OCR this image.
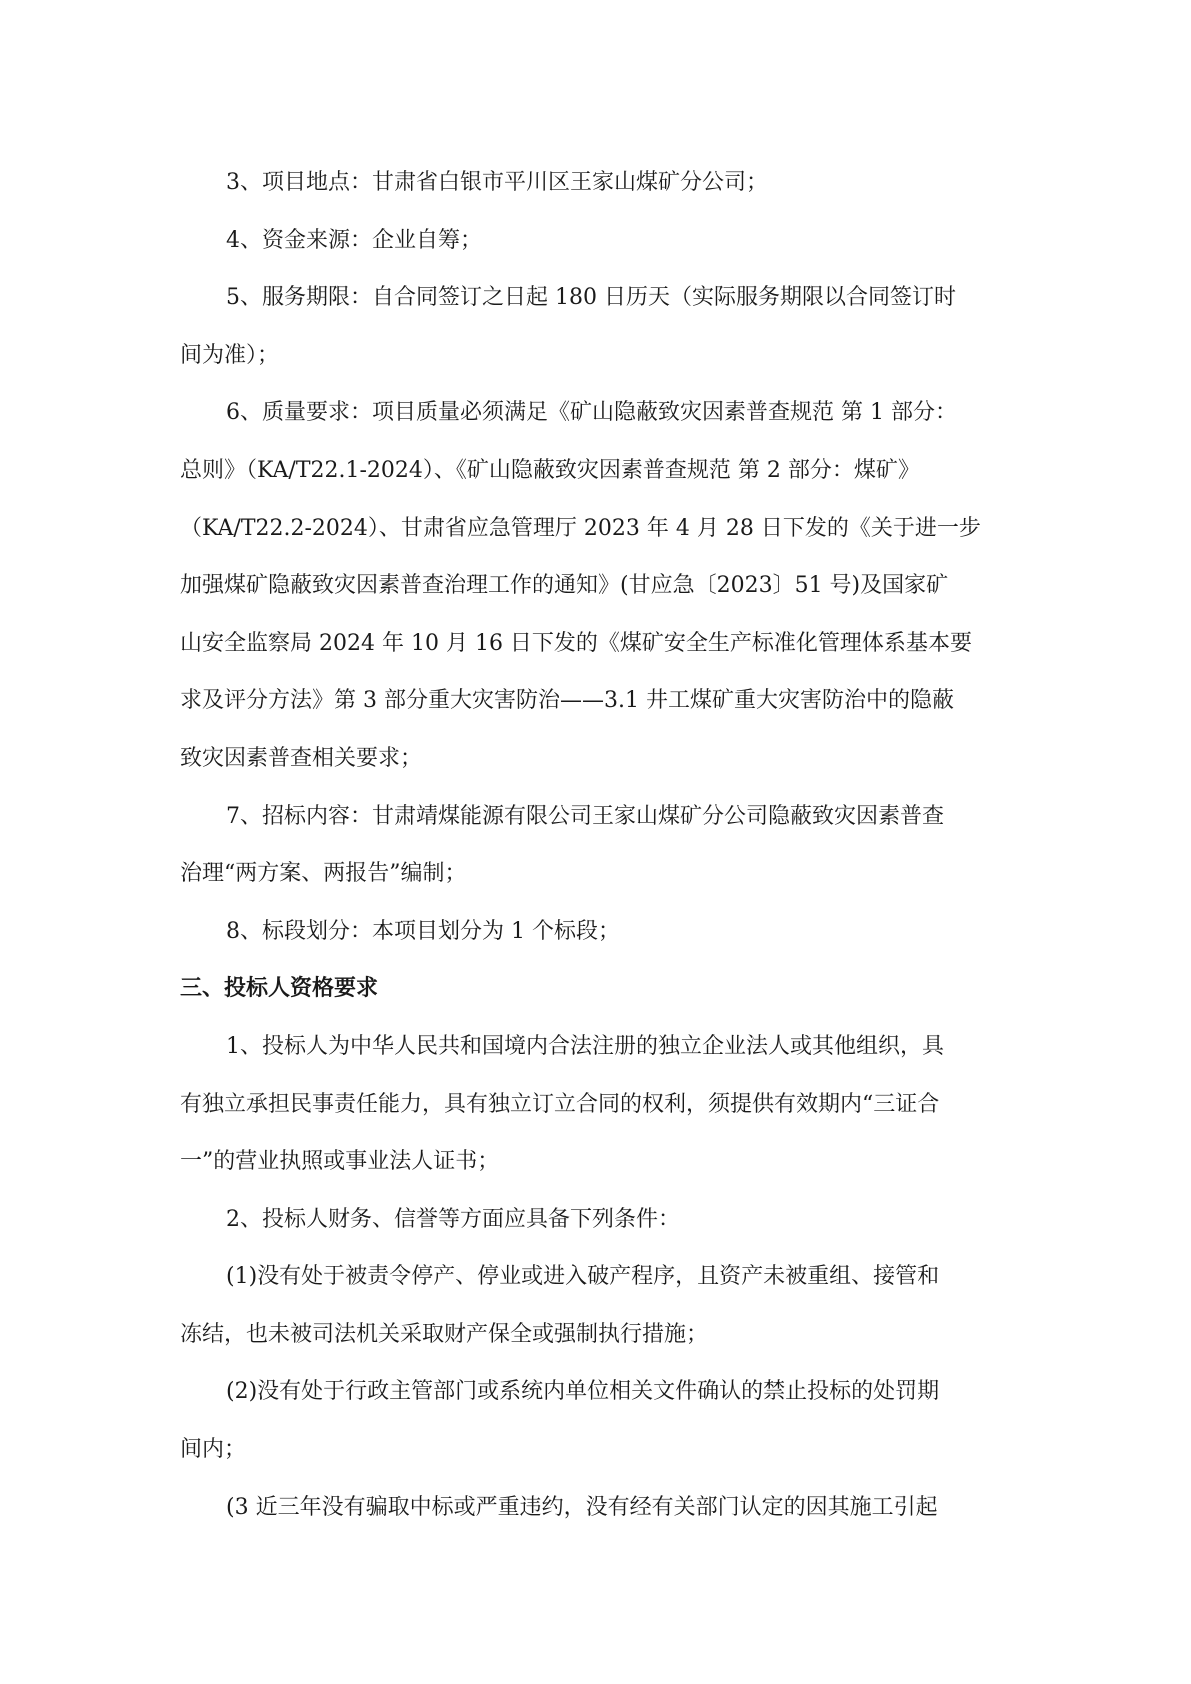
3、项目地点：甘肃省白银市平川区王家山煤矿分公司；
4、资金来源：企业自筹；
5、服务期限：自合同签订之日起 180 日历天（实际服务期限以合同签订时
间为准）；
6、质量要求：项目质量必须满足《矿山隐蔽致灾因素普查规范 第 1 部分：
总则》（KA/T22.1-2024）、《矿山隐蔽致灾因素普查规范 第 2 部分：煤矿》
（KA/T22.2-2024）、甘肃省应急管理厅 2023 年 4 月 28 日下发的《关于进一步
加强煤矿隐蔽致灾因素普查治理工作的通知》(甘应急〔2023〕51 号)及国家矿
山安全监察局 2024 年 10 月 16 日下发的《煤矿安全生产标准化管理体系基本要
求及评分方法》第 3 部分重大灾害防治——3.1 井工煤矿重大灾害防治中的隐蔽
致灾因素普查相关要求；
7、招标内容：甘肃靖煤能源有限公司王家山煤矿分公司隐蔽致灾因素普查
治理“两方案、两报告”编制；
8、标段划分：本项目划分为 1 个标段；
三、投标人资格要求
1、投标人为中华人民共和国境内合法注册的独立企业法人或其他组织，具
有独立承担民事责任能力，具有独立订立合同的权利，须提供有效期内“三证合
一”的营业执照或事业法人证书；
2、投标人财务、信誉等方面应具备下列条件：
(1)没有处于被责令停产、停业或进入破产程序，且资产未被重组、接管和
冻结，也未被司法机关采取财产保全或强制执行措施；
(2)没有处于行政主管部门或系统内单位相关文件确认的禁止投标的处罚期
间内；
(3 近三年没有骗取中标或严重违约，没有经有关部门认定的因其施工引起
